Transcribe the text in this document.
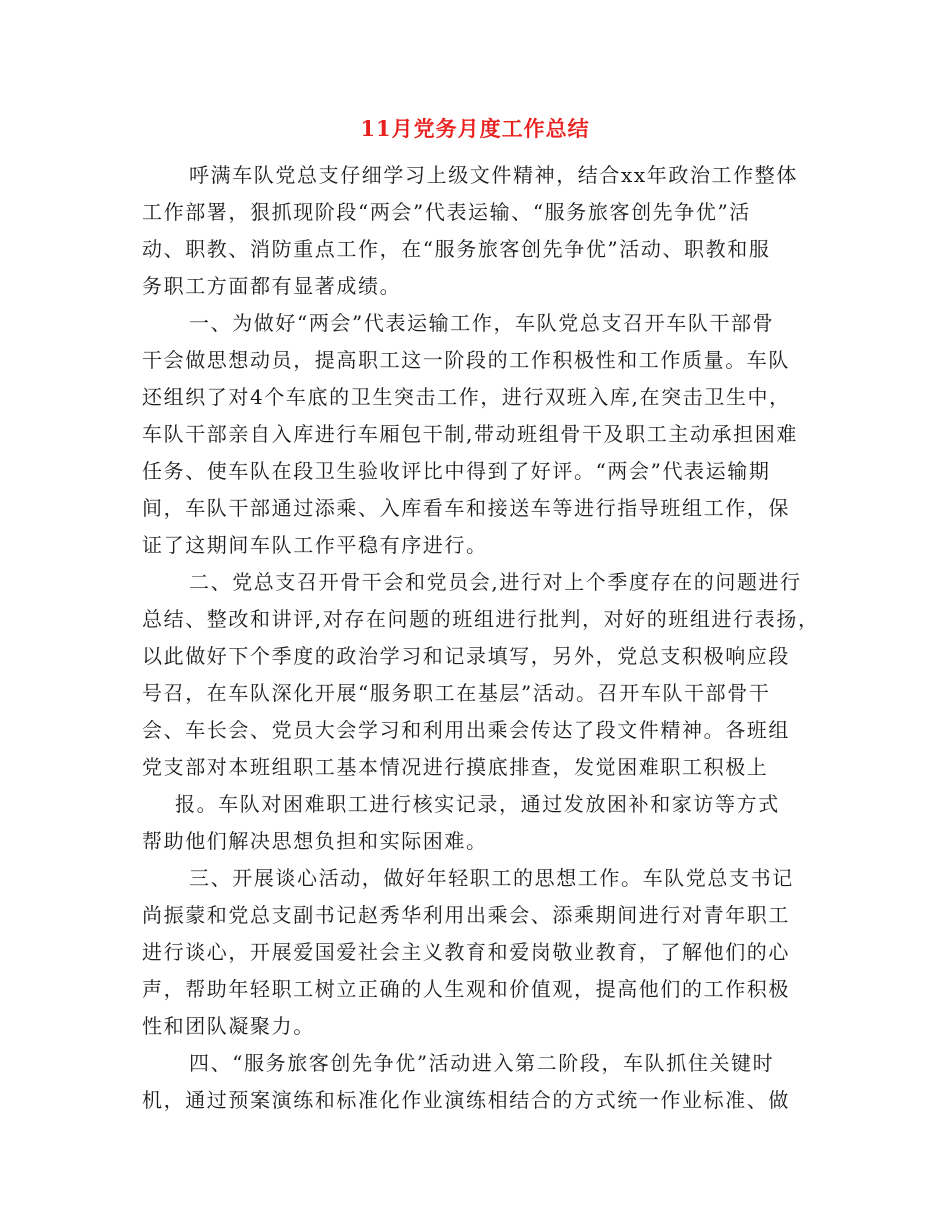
11月党务月度工作总结
呼满车队党总支仔细学习上级文件精神，结合xx年政治工作整体
工作部署，狠抓现阶段“两会”代表运输、“服务旅客创先争优”活
动、职教、消防重点工作，在“服务旅客创先争优”活动、职教和服
务职工方面都有显著成绩。
一、为做好“两会”代表运输工作，车队党总支召开车队干部骨
干会做思想动员，提高职工这一阶段的工作积极性和工作质量。车队
还组织了对4个车底的卫生突击工作，进行双班入库,在突击卫生中，
车队干部亲自入库进行车厢包干制,带动班组骨干及职工主动承担困难
任务、使车队在段卫生验收评比中得到了好评。“两会”代表运输期
间，车队干部通过添乘、入库看车和接送车等进行指导班组工作，保
证了这期间车队工作平稳有序进行。
二、党总支召开骨干会和党员会,进行对上个季度存在的问题进行
总结、整改和讲评,对存在问题的班组进行批判，对好的班组进行表扬，
以此做好下个季度的政治学习和记录填写，另外，党总支积极响应段
号召，在车队深化开展“服务职工在基层”活动。召开车队干部骨干
会、车长会、党员大会学习和利用出乘会传达了段文件精神。各班组
党支部对本班组职工基本情况进行摸底排查，发觉困难职工积极上
报。车队对困难职工进行核实记录，通过发放困补和家访等方式
帮助他们解决思想负担和实际困难。
三、开展谈心活动，做好年轻职工的思想工作。车队党总支书记
尚振蒙和党总支副书记赵秀华利用出乘会、添乘期间进行对青年职工
进行谈心，开展爱国爱社会主义教育和爱岗敬业教育，了解他们的心
声，帮助年轻职工树立正确的人生观和价值观，提高他们的工作积极
性和团队凝聚力。
四、“服务旅客创先争优”活动进入第二阶段，车队抓住关键时
机，通过预案演练和标准化作业演练相结合的方式统一作业标准、做
